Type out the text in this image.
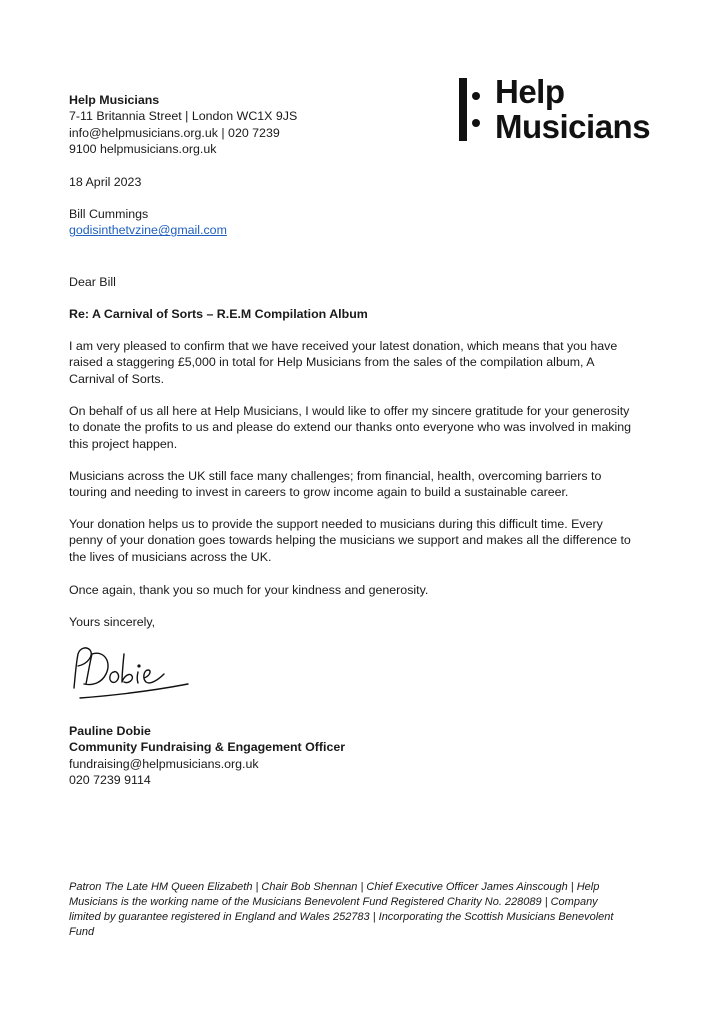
Help Musicians
7-11 Britannia Street | London WC1X 9JS
info@helpmusicians.org.uk | 020 7239
9100 helpmusicians.org.uk
Help
Musicians
18 April 2023
Bill Cummings
godisinthetvzine@gmail.com
Dear Bill
Re: A Carnival of Sorts – R.E.M Compilation Album
I am very pleased to confirm that we have received your latest donation, which means that you have
raised a staggering £5,000 in total for Help Musicians from the sales of the compilation album, A
Carnival of Sorts.
On behalf of us all here at Help Musicians, I would like to offer my sincere gratitude for your generosity
to donate the profits to us and please do extend our thanks onto everyone who was involved in making
this project happen.
Musicians across the UK still face many challenges; from financial, health, overcoming barriers to
touring and needing to invest in careers to grow income again to build a sustainable career.
Your donation helps us to provide the support needed to musicians during this difficult time. Every
penny of your donation goes towards helping the musicians we support and makes all the difference to
the lives of musicians across the UK.
Once again, thank you so much for your kindness and generosity.
Yours sincerely,
Pauline Dobie
Community Fundraising & Engagement Officer
fundraising@helpmusicians.org.uk
020 7239 9114
Patron The Late HM Queen Elizabeth | Chair Bob Shennan | Chief Executive Officer James Ainscough | Help
Musicians is the working name of the Musicians Benevolent Fund Registered Charity No. 228089 | Company
limited by guarantee registered in England and Wales 252783 | Incorporating the Scottish Musicians Benevolent
Fund
